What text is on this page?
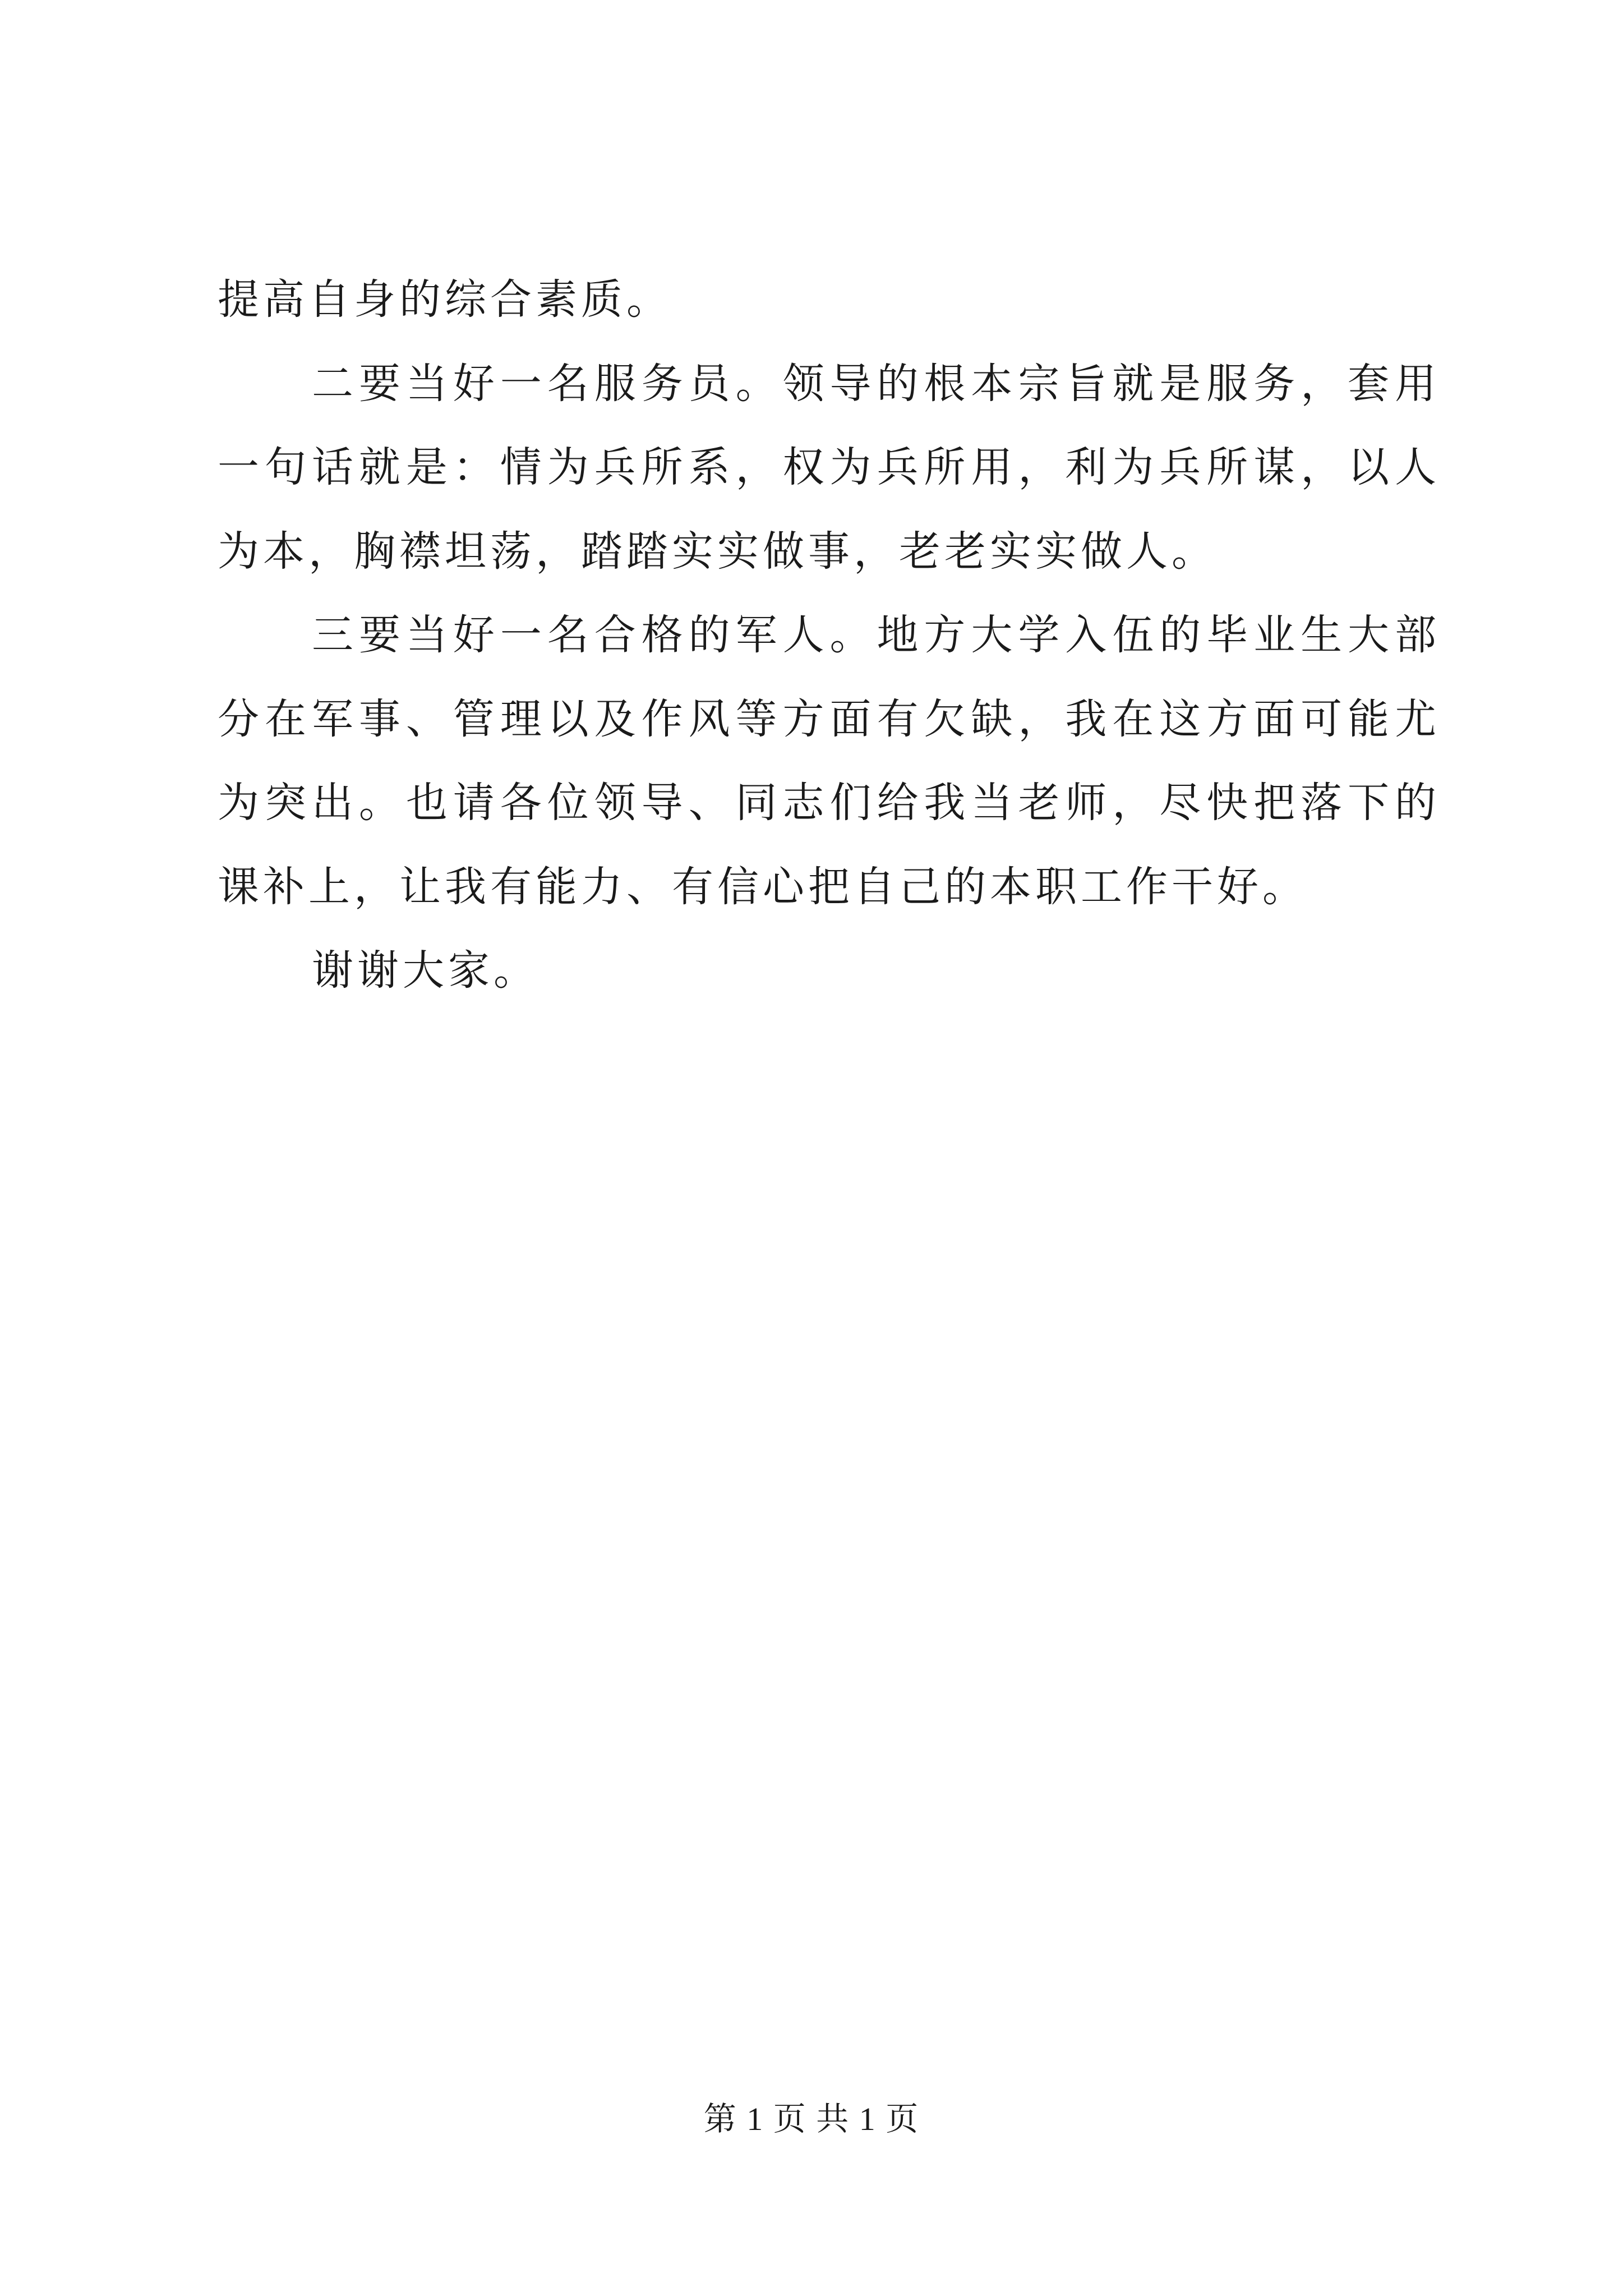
提高自身的综合素质。

二要当好一名服务员。领导的根本宗旨就是服务，套用一句话就是：情为兵所系，权为兵所用，利为兵所谋，以人为本，胸襟坦荡，踏踏实实做事，老老实实做人。

三要当好一名合格的军人。地方大学入伍的毕业生大部分在军事、管理以及作风等方面有欠缺，我在这方面可能尤为突出。也请各位领导、同志们给我当老师，尽快把落下的课补上，让我有能力、有信心把自己的本职工作干好。

谢谢大家。

第 1 页 共 1 页
